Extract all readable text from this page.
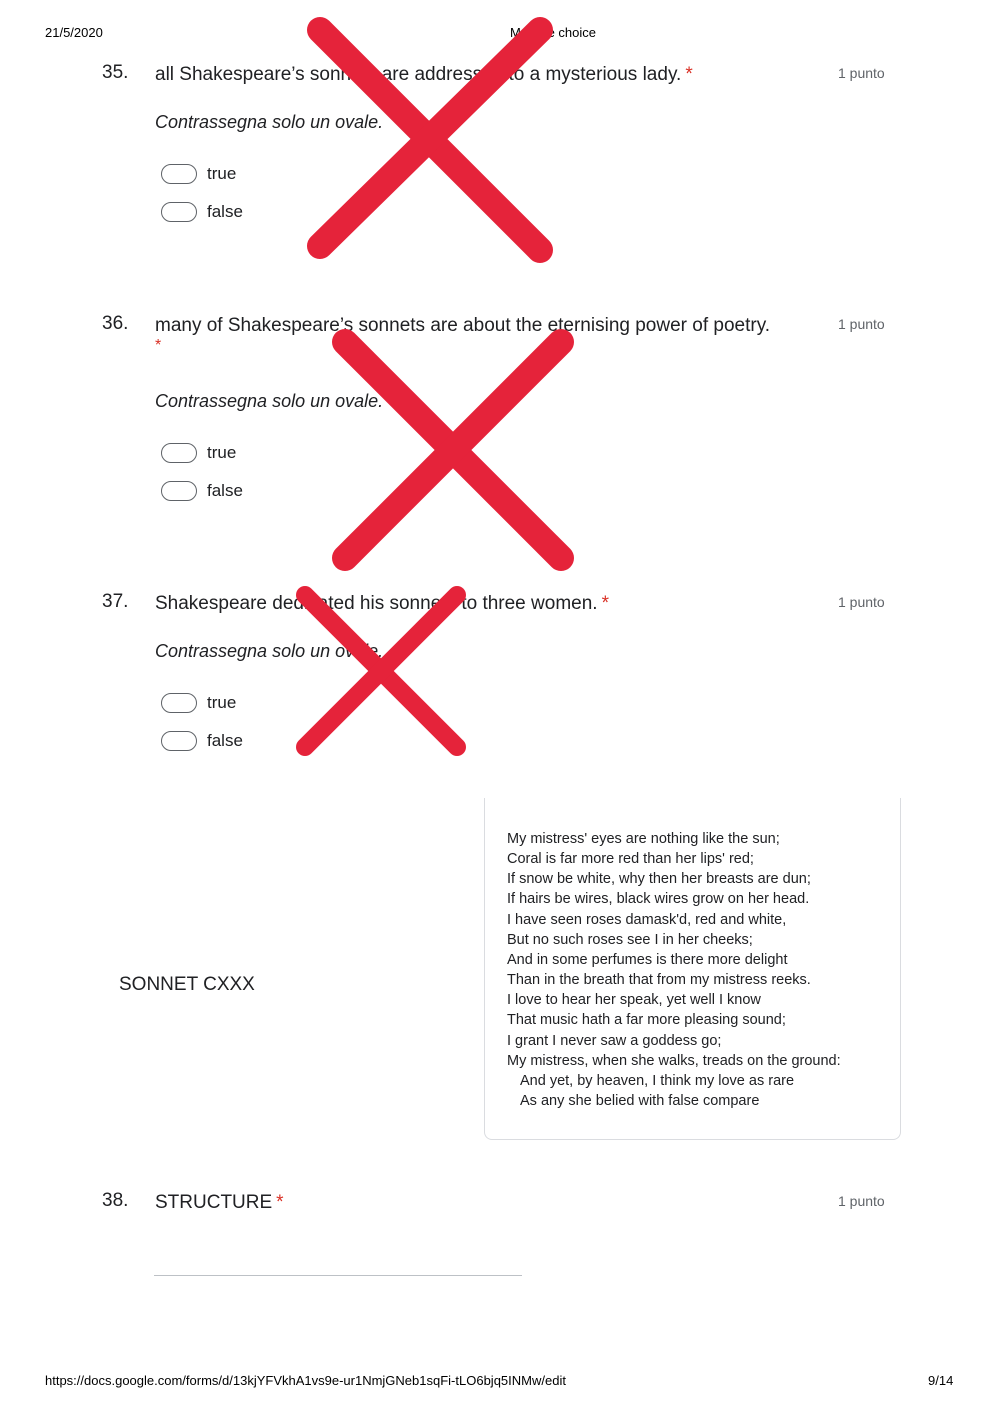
21/5/2020	Multiple choice
35. all Shakespeare’s sonnets are addressed to a mysterious lady. *	1 punto
Contrassegna solo un ovale.
true
false
36. many of Shakespeare’s sonnets are about the eternising power of poetry.
*
1 punto
Contrassegna solo un ovale.
true
false
37. Shakespeare dedicated his sonnets to three women. *	1 punto
Contrassegna solo un ovale.
true
false
SONNET CXXX
My mistress' eyes are nothing like the sun;
Coral is far more red than her lips' red;
If snow be white, why then her breasts are dun;
If hairs be wires, black wires grow on her head.
I have seen roses damask'd, red and white,
But no such roses see I in her cheeks;
And in some perfumes is there more delight
Than in the breath that from my mistress reeks.
I love to hear her speak, yet well I know
That music hath a far more pleasing sound;
I grant I never saw a goddess go;
My mistress, when she walks, treads on the ground:
And yet, by heaven, I think my love as rare
As any she belied with false compare
38. STRUCTURE *	1 punto
https://docs.google.com/forms/d/13kjYFVkhA1vs9e-ur1NmjGNeb1sqFi-tLO6bjq5INMw/edit	9/14
